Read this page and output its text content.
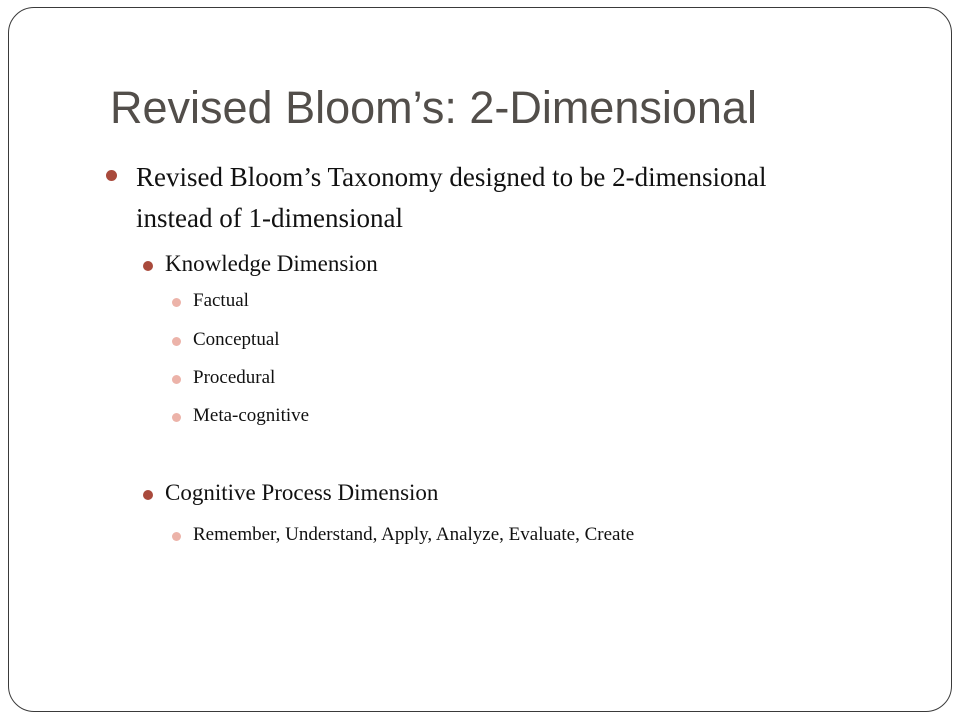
Revised Bloom’s: 2-Dimensional
Revised Bloom’s Taxonomy designed to be 2-dimensional
instead of 1-dimensional
Knowledge Dimension
Factual
Conceptual
Procedural
Meta-cognitive
Cognitive Process Dimension
Remember, Understand, Apply, Analyze, Evaluate, Create
